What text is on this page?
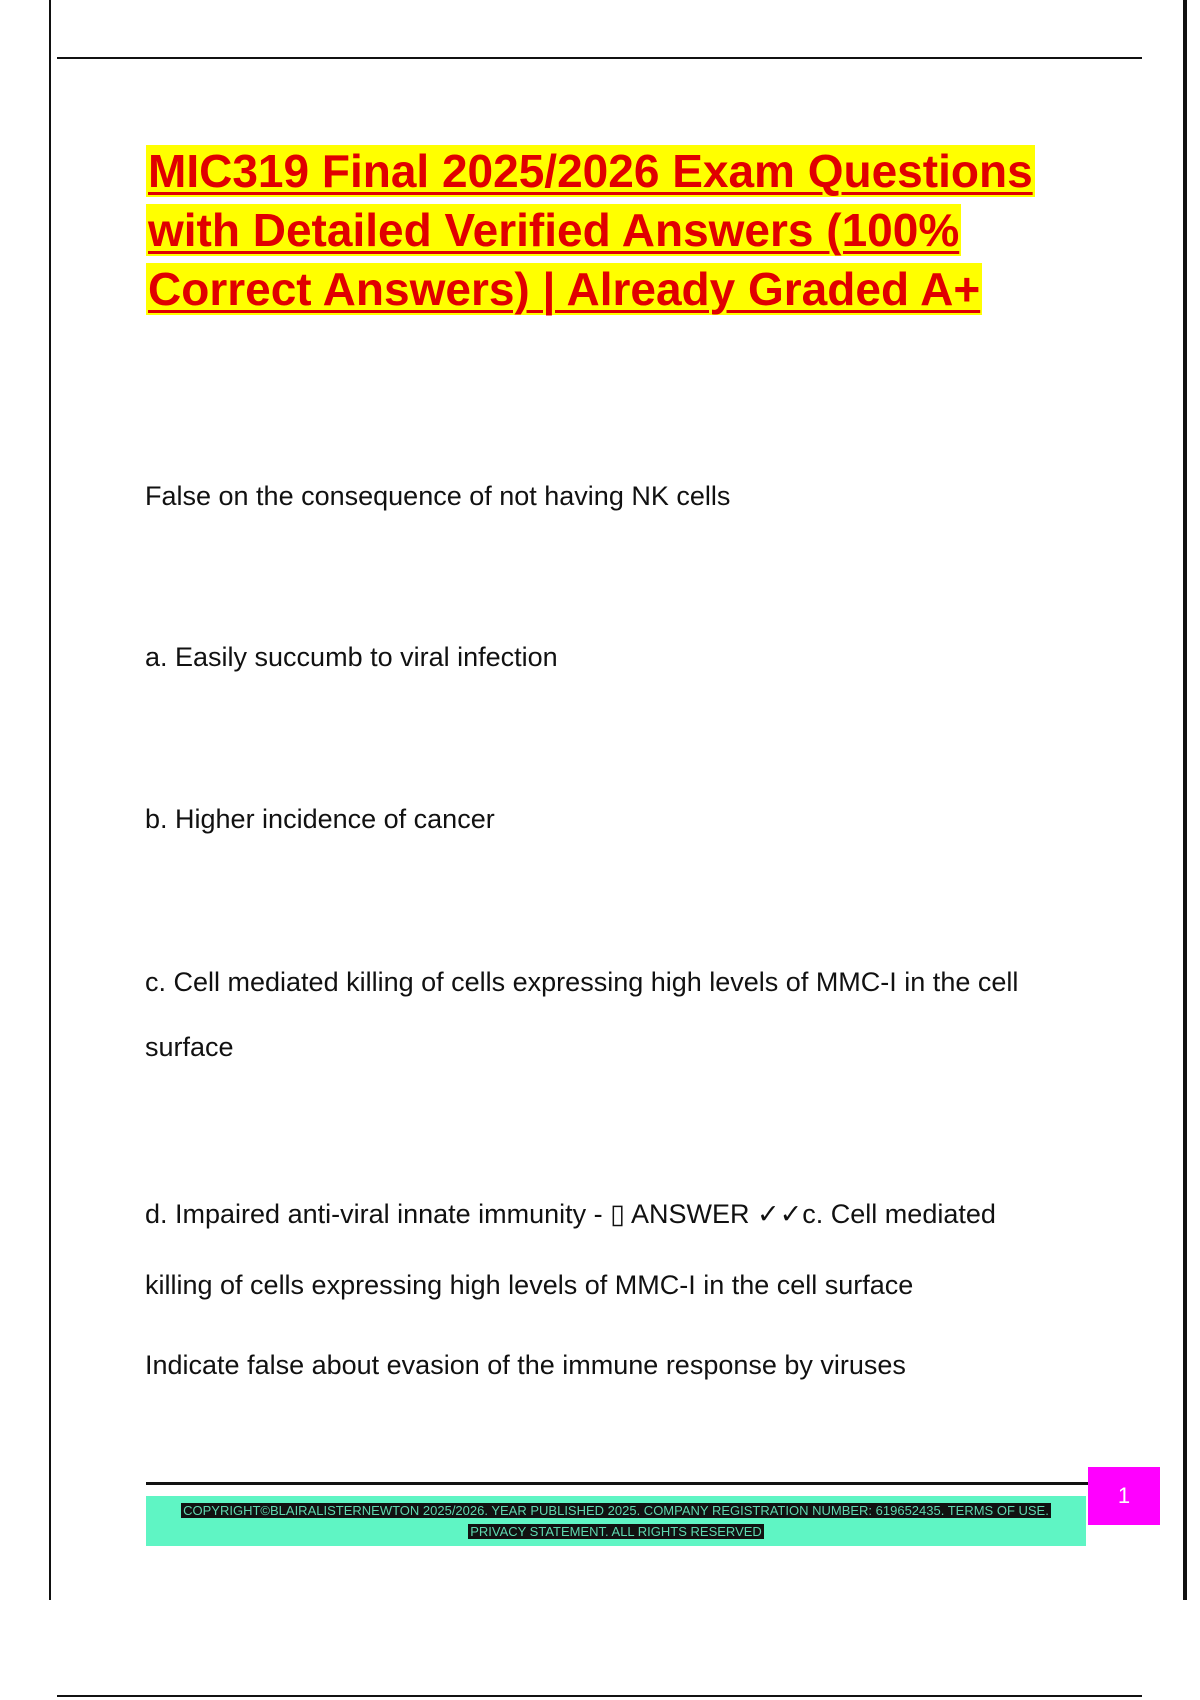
MIC319 Final 2025/2026 Exam Questions
with Detailed Verified Answers (100%
Correct Answers) | Already Graded A+
False on the consequence of not having NK cells
a. Easily succumb to viral infection
b. Higher incidence of cancer
c. Cell mediated killing of cells expressing high levels of MMC-I in the cell
surface
d. Impaired anti-viral innate immunity - ▯ ANSWER ✓✓c. Cell mediated
killing of cells expressing high levels of MMC-I in the cell surface
Indicate false about evasion of the immune response by viruses
COPYRIGHT©BLAIRALISTERNEWTON 2025/2026. YEAR PUBLISHED 2025. COMPANY REGISTRATION NUMBER: 619652435. TERMS OF USE.
PRIVACY STATEMENT. ALL RIGHTS RESERVED
1
